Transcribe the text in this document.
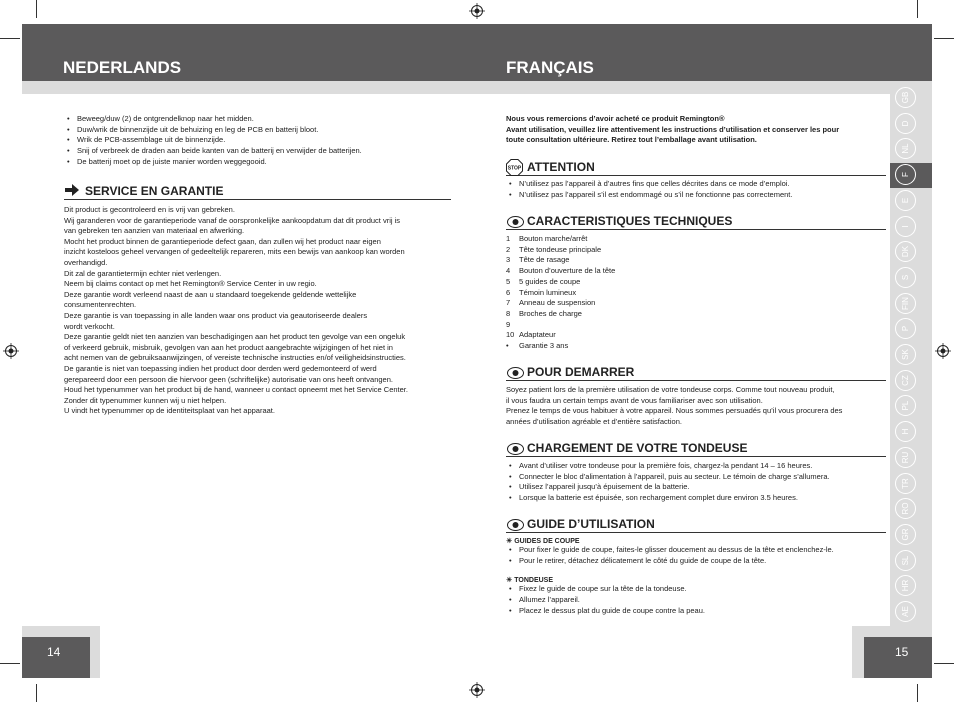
NEDERLANDS	FRANÇAIS
GB
D
NL
F
E
I
DK
S
FIN
P
SK
CZ
PL
H
RU
TR
RO
GR
SL
HR
AE
• Beweeg/duw (2) de ontgrendelknop naar het midden.
• Duw/wrik de binnenzijde uit de behuizing en leg de PCB en batterij bloot.
• Wrik de PCB-assemblage uit de binnenzijde.
• Snij of verbreek de draden aan beide kanten van de batterij en verwijder de batterijen.
• De batterij moet op de juiste manier worden weggegooid.
SERVICE EN GARANTIE
Dit product is gecontroleerd en is vrij van gebreken.
Wij garanderen voor de garantieperiode vanaf de oorspronkelijke aankoopdatum dat dit product vrij is
van gebreken ten aanzien van materiaal en afwerking.
Mocht het product binnen de garantieperiode defect gaan, dan zullen wij het product naar eigen
inzicht kosteloos geheel vervangen of gedeeltelijk repareren, mits een bewijs van aankoop kan worden
overhandigd.
Dit zal de garantietermijn echter niet verlengen.
Neem bij claims contact op met het Remington® Service Center in uw regio.
Deze garantie wordt verleend naast de aan u standaard toegekende geldende wettelijke
consumentenrechten.
Deze garantie is van toepassing in alle landen waar ons product via geautoriseerde dealers
wordt verkocht.
Deze garantie geldt niet ten aanzien van beschadigingen aan het product ten gevolge van een ongeluk
of verkeerd gebruik, misbruik, gevolgen van aan het product aangebrachte wijzigingen of het niet in
acht nemen van de gebruiksaanwijzingen, of vereiste technische instructies en/of veiligheidsinstructies.
De garantie is niet van toepassing indien het product door derden werd gedemonteerd of werd
gerepareerd door een persoon die hiervoor geen (schriftelijke) autorisatie van ons heeft ontvangen.
Houd het typenummer van het product bij de hand, wanneer u contact opneemt met het Service Center.
Zonder dit typenummer kunnen wij u niet helpen.
U vindt het typenummer op de identiteitsplaat van het apparaat.
Nous vous remercions d’avoir acheté ce produit Remington®
Avant utilisation, veuillez lire attentivement les instructions d’utilisation et conserver les pour
toute consultation ultérieure. Retirez tout l’emballage avant utilisation.
STOP ATTENTION
• N’utilisez pas l’appareil à d’autres fins que celles décrites dans ce mode d’emploi.
• N’utilisez pas l’appareil s’il est endommagé ou s’il ne fonctionne pas correctement.
CARACTERISTIQUES TECHNIQUES
1 Bouton marche/arrêt
2 Tête tondeuse principale
3 Tête de rasage
4 Bouton d’ouverture de la tête
5 5 guides de coupe
6 Témoin lumineux
7 Anneau de suspension
8 Broches de charge
9
10 Adaptateur
• Garantie 3 ans
POUR DEMARRER
Soyez patient lors de la première utilisation de votre tondeuse corps. Comme tout nouveau produit,
il vous faudra un certain temps avant de vous familiariser avec son utilisation.
Prenez le temps de vous habituer à votre appareil. Nous sommes persuadés qu’il vous procurera des
années d’utilisation agréable et d’entière satisfaction.
CHARGEMENT DE VOTRE TONDEUSE
• Avant d’utiliser votre tondeuse pour la première fois, chargez-la pendant 14 – 16 heures.
• Connecter le bloc d’alimentation à l’appareil, puis au secteur. Le témoin de charge s’allumera.
• Utilisez l’appareil jusqu’à épuisement de la batterie.
• Lorsque la batterie est épuisée, son rechargement complet dure environ 3.5 heures.
GUIDE D’UTILISATION
☀ GUIDES DE COUPE
• Pour fixer le guide de coupe, faites-le glisser doucement au dessus de la tête et enclenchez-le.
• Pour le retirer, détachez délicatement le côté du guide de coupe de la tête.
☀ TONDEUSE
• Fixez le guide de coupe sur la tête de la tondeuse.
• Allumez l’appareil.
• Placez le dessus plat du guide de coupe contre la peau.
14	15
